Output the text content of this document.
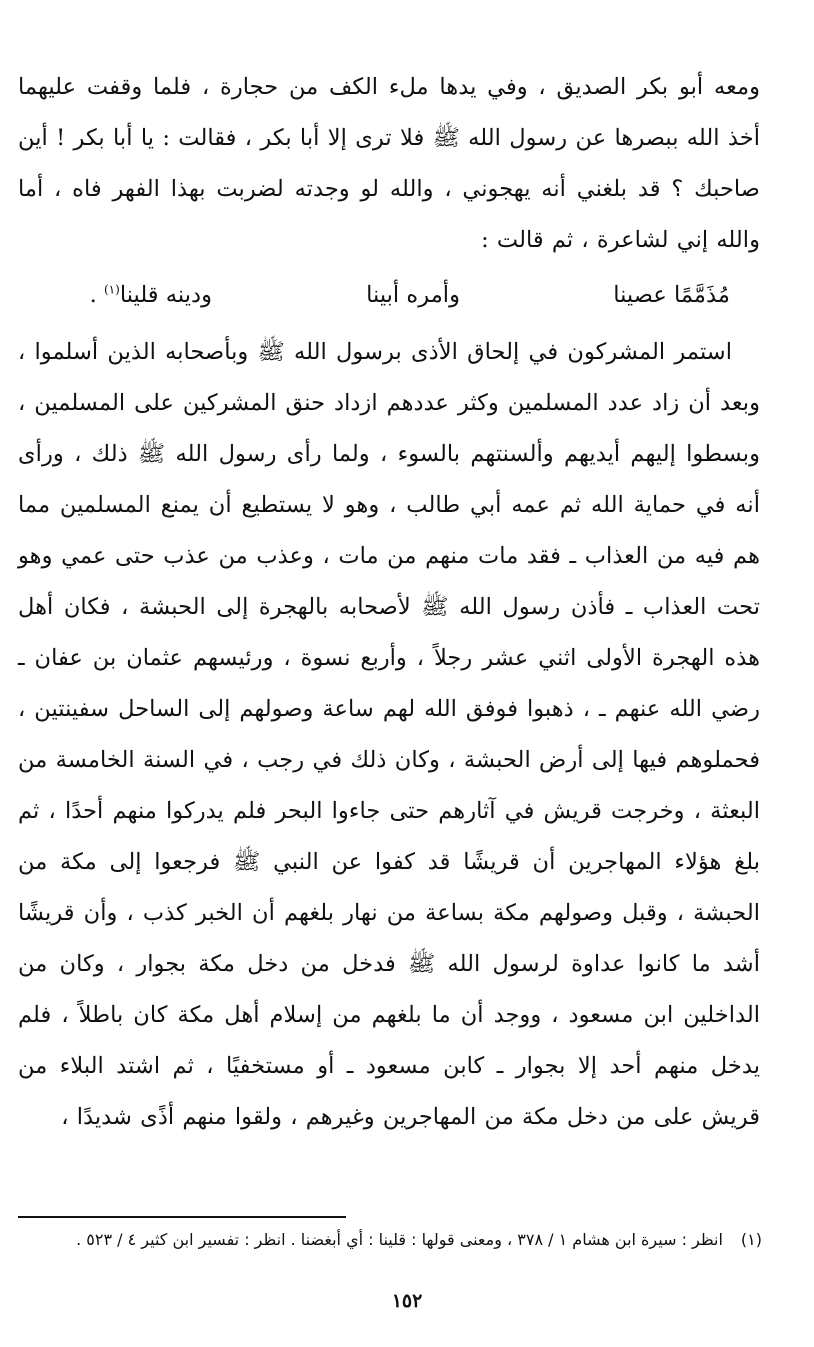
ومعه أبو بكر الصديق ، وفي يدها ملء الكف من حجارة ، فلما وقفت عليهما أخذ الله ببصرها عن رسول الله ﷺ فلا ترى إلا أبا بكر ، فقالت : يا أبا بكر ! أين صاحبك ؟ قد بلغني أنه يهجوني ، والله لو وجدته لضربت بهذا الفهر فاه ، أما والله إني لشاعرة ، ثم قالت :

مُذَمَّمًا عصينا
وأمره أبينا
ودينه قلينا$^{(١)}$ .

استمر المشركون في إلحاق الأذى برسول الله ﷺ وبأصحابه الذين أسلموا ، وبعد أن زاد عدد المسلمين وكثر عددهم ازداد حنق المشركين على المسلمين ، وبسطوا إليهم أيديهم وألسنتهم بالسوء ، ولما رأى رسول الله ﷺ ذلك ، ورأى أنه في حماية الله ثم عمه أبي طالب ، وهو لا يستطيع أن يمنع المسلمين مما هم فيه من العذاب ـ فقد مات منهم من مات ، وعذب من عذب حتى عمي وهو تحت العذاب ـ فأذن رسول الله ﷺ لأصحابه بالهجرة إلى الحبشة ، فكان أهل هذه الهجرة الأولى اثني عشر رجلاً ، وأربع نسوة ، ورئيسهم عثمان بن عفان ـ رضي الله عنهم ـ ، ذهبوا فوفق الله لهم ساعة وصولهم إلى الساحل سفينتين ، فحملوهم فيها إلى أرض الحبشة ، وكان ذلك في رجب ، في السنة الخامسة من البعثة ، وخرجت قريش في آثارهم حتى جاءوا البحر فلم يدركوا منهم أحدًا ، ثم بلغ هؤلاء المهاجرين أن قريشًا قد كفوا عن النبي ﷺ فرجعوا إلى مكة من الحبشة ، وقبل وصولهم مكة بساعة من نهار بلغهم أن الخبر كذب ، وأن قريشًا أشد ما كانوا عداوة لرسول الله ﷺ فدخل من دخل مكة بجوار ، وكان من الداخلين ابن مسعود ، ووجد أن ما بلغهم من إسلام أهل مكة كان باطلاً ، فلم يدخل منهم أحد إلا بجوار ـ كابن مسعود ـ أو مستخفيًا ، ثم اشتد البلاء من قريش على من دخل مكة من المهاجرين وغيرهم ، ولقوا منهم أذًى شديدًا ،

(١)انظر : سيرة ابن هشام ١ / ٣٧٨ ، ومعنى قولها : قلينا : أي أبغضنا . انظر : تفسير ابن كثير ٤ / ٥٢٣ .
١٥٢
